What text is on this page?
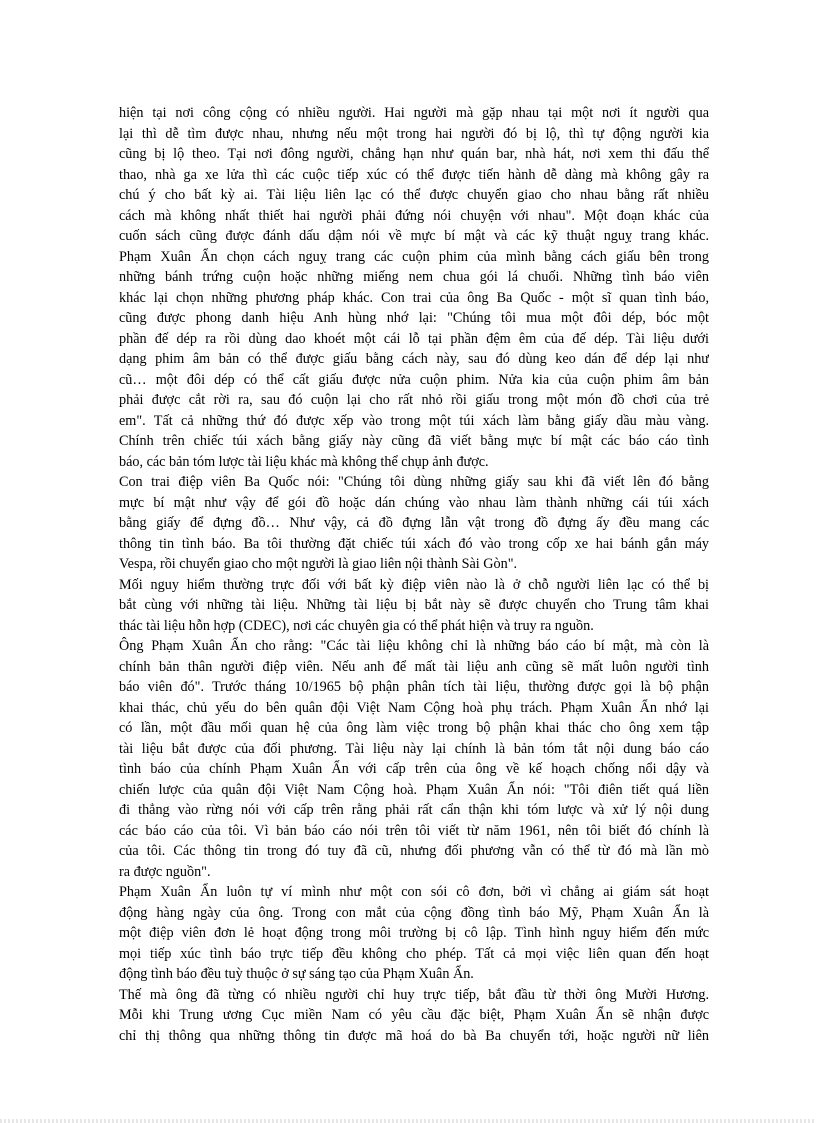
hiện tại nơi công cộng có nhiều người. Hai người mà gặp nhau tại một nơi ít người qua
lại thì dễ tìm được nhau, nhưng nếu một trong hai người đó bị lộ, thì tự động người kia
cũng bị lộ theo. Tại nơi đông người, chẳng hạn như quán bar, nhà hát, nơi xem thi đấu thể
thao, nhà ga xe lửa thì các cuộc tiếp xúc có thể được tiến hành dễ dàng mà không gây ra
chú ý cho bất kỳ ai. Tài liệu liên lạc có thể được chuyển giao cho nhau bằng rất nhiều
cách mà không nhất thiết hai người phải đứng nói chuyện với nhau". Một đoạn khác của
cuốn sách cũng được đánh dấu dậm nói về mực bí mật và các kỹ thuật nguỵ trang khác.
Phạm Xuân Ẩn chọn cách nguỵ trang các cuộn phim của mình bằng cách giấu bên trong
những bánh trứng cuộn hoặc những miếng nem chua gói lá chuối. Những tình báo viên
khác lại chọn những phương pháp khác. Con trai của ông Ba Quốc - một sĩ quan tình báo,
cũng được phong danh hiệu Anh hùng nhớ lại: "Chúng tôi mua một đôi dép, bóc một
phần đế dép ra rồi dùng dao khoét một cái lỗ tại phần đệm êm của đế dép. Tài liệu dưới
dạng phim âm bản có thể được giấu bằng cách này, sau đó dùng keo dán để dép lại như
cũ… một đôi dép có thể cất giấu được nửa cuộn phim. Nửa kia của cuộn phim âm bản
phải được cắt rời ra, sau đó cuộn lại cho rất nhỏ rồi giấu trong một món đồ chơi của trẻ
em". Tất cả những thứ đó được xếp vào trong một túi xách làm bằng giấy dầu màu vàng.
Chính trên chiếc túi xách bằng giấy này cũng đã viết bằng mực bí mật các báo cáo tình
báo, các bản tóm lược tài liệu khác mà không thể chụp ảnh được.
Con trai điệp viên Ba Quốc nói: "Chúng tôi dùng những giấy sau khi đã viết lên đó bằng
mực bí mật như vậy để gói đồ hoặc dán chúng vào nhau làm thành những cái túi xách
bằng giấy để đựng đồ… Như vậy, cả đồ đựng lẫn vật trong đồ đựng ấy đều mang các
thông tin tình báo. Ba tôi thường đặt chiếc túi xách đó vào trong cốp xe hai bánh gắn máy
Vespa, rồi chuyển giao cho một người là giao liên nội thành Sài Gòn".
Mối nguy hiểm thường trực đối với bất kỳ điệp viên nào là ở chỗ người liên lạc có thể bị
bắt cùng với những tài liệu. Những tài liệu bị bắt này sẽ được chuyển cho Trung tâm khai
thác tài liệu hỗn hợp (CDEC), nơi các chuyên gia có thể phát hiện và truy ra nguồn.
Ông Phạm Xuân Ẩn cho rằng: "Các tài liệu không chỉ là những báo cáo bí mật, mà còn là
chính bản thân người điệp viên. Nếu anh để mất tài liệu anh cũng sẽ mất luôn người tình
báo viên đó". Trước tháng 10/1965 bộ phận phân tích tài liệu, thường được gọi là bộ phận
khai thác, chủ yếu do bên quân đội Việt Nam Cộng hoà phụ trách. Phạm Xuân Ẩn nhớ lại
có lần, một đầu mối quan hệ của ông làm việc trong bộ phận khai thác cho ông xem tập
tài liệu bắt được của đối phương. Tài liệu này lại chính là bản tóm tắt nội dung báo cáo
tình báo của chính Phạm Xuân Ẩn với cấp trên của ông về kế hoạch chống nổi dậy và
chiến lược của quân đội Việt Nam Cộng hoà. Phạm Xuân Ẩn nói: "Tôi điên tiết quá liền
đi thẳng vào rừng nói với cấp trên rằng phải rất cẩn thận khi tóm lược và xử lý nội dung
các báo cáo của tôi. Vì bản báo cáo nói trên tôi viết từ năm 1961, nên tôi biết đó chính là
của tôi. Các thông tin trong đó tuy đã cũ, nhưng đối phương vẫn có thể từ đó mà lần mò
ra được nguồn".
Phạm Xuân Ẩn luôn tự ví mình như một con sói cô đơn, bởi vì chẳng ai giám sát hoạt
động hàng ngày của ông. Trong con mắt của cộng đồng tình báo Mỹ, Phạm Xuân Ẩn là
một điệp viên đơn lẻ hoạt động trong môi trường bị cô lập. Tình hình nguy hiểm đến mức
mọi tiếp xúc tình báo trực tiếp đều không cho phép. Tất cả mọi việc liên quan đến hoạt
động tình báo đều tuỳ thuộc ở sự sáng tạo của Phạm Xuân Ẩn.
Thế mà ông đã từng có nhiều người chỉ huy trực tiếp, bắt đầu từ thời ông Mười Hương.
Mỗi khi Trung ương Cục miền Nam có yêu cầu đặc biệt, Phạm Xuân Ẩn sẽ nhận được
chỉ thị thông qua những thông tin được mã hoá do bà Ba chuyển tới, hoặc người nữ liên
